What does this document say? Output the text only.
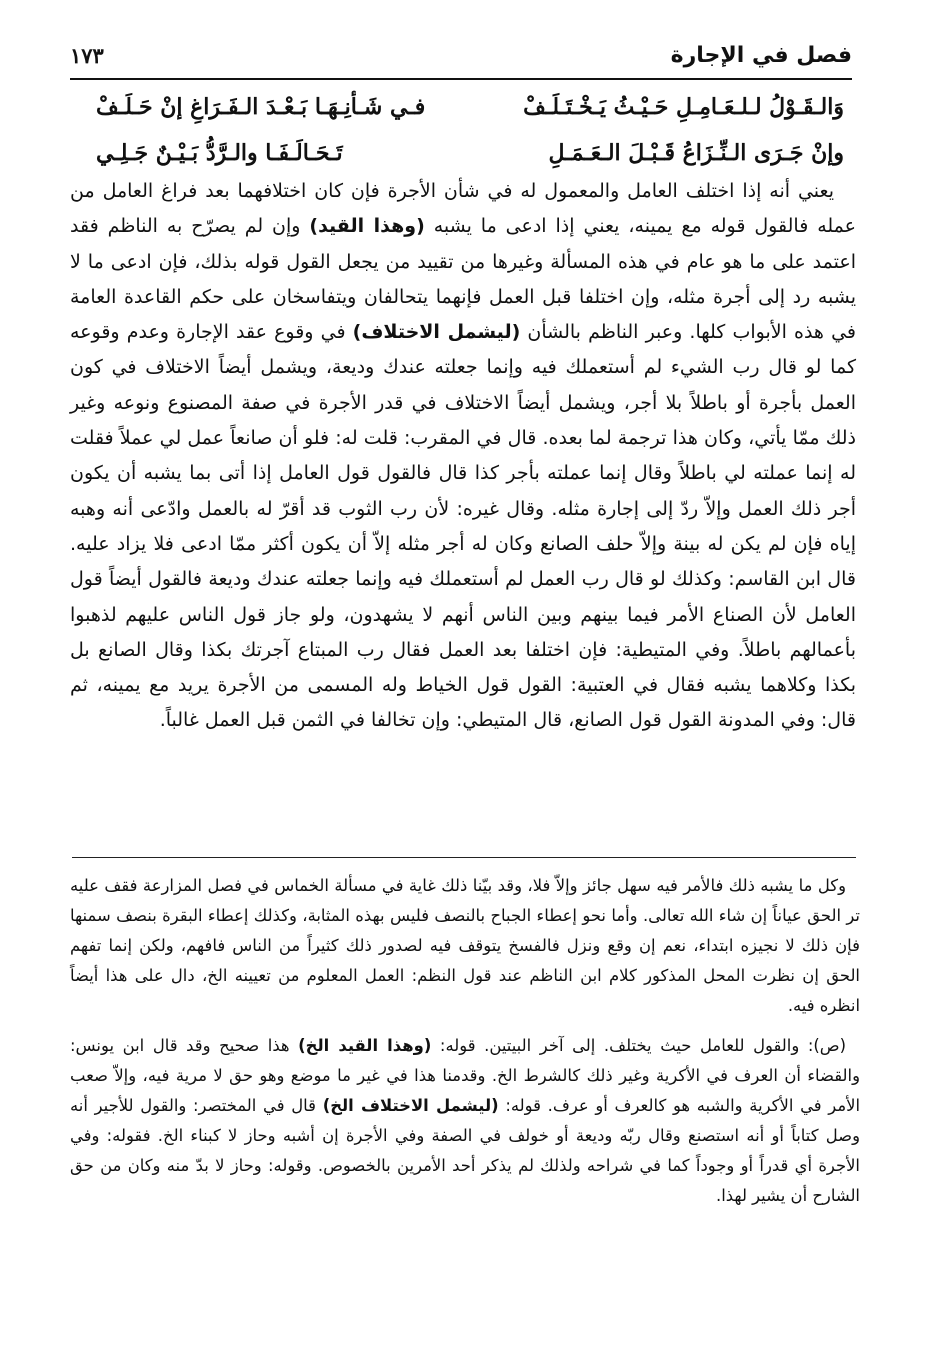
فصل في الإجارة
١٧٣
وَالـقَـوْلُ لـلـعَـامِـلِ حَـيْـثُ يَـخْـتَـلَـفْ
فـي شَـأنِـهَـا بَـعْـدَ الـفَـرَاغِ إنْ حَـلَـفْ
وإنْ جَـرَى الـنِّـزَاعُ قَـبْـلَ الـعَـمَـلِ
تَـحَـالَـفَـا والـرَّدُّ بَـيْـنٌ جَـلِـي

يعني أنه إذا اختلف العامل والمعمول له في شأن الأجرة فإن كان اختلافهما بعد فراغ العامل من عمله فالقول قوله مع يمينه، يعني إذا ادعى ما يشبه (وهذا القيد) وإن لم يصرّح به الناظم فقد اعتمد على ما هو عام في هذه المسألة وغيرها من تقييد من يجعل القول قوله بذلك، فإن ادعى ما لا يشبه رد إلى أجرة مثله، وإن اختلفا قبل العمل فإنهما يتحالفان ويتفاسخان على حكم القاعدة العامة في هذه الأبواب كلها. وعبر الناظم بالشأن (ليشمل الاختلاف) في وقوع عقد الإجارة وعدم وقوعه كما لو قال رب الشيء لم أستعملك فيه وإنما جعلته عندك وديعة، ويشمل أيضاً الاختلاف في كون العمل بأجرة أو باطلاً بلا أجر، ويشمل أيضاً الاختلاف في قدر الأجرة في صفة المصنوع ونوعه وغير ذلك ممّا يأتي، وكان هذا ترجمة لما بعده. قال في المقرب: قلت له: فلو أن صانعاً عمل لي عملاً فقلت له إنما عملته لي باطلاً وقال إنما عملته بأجر كذا قال فالقول قول العامل إذا أتى بما يشبه أن يكون أجر ذلك العمل وإلاّ ردّ إلى إجارة مثله. وقال غيره: لأن رب الثوب قد أقرّ له بالعمل وادّعى أنه وهبه إياه فإن لم يكن له بينة وإلاّ حلف الصانع وكان له أجر مثله إلاّ أن يكون أكثر ممّا ادعى فلا يزاد عليه. قال ابن القاسم: وكذلك لو قال رب العمل لم أستعملك فيه وإنما جعلته عندك وديعة فالقول أيضاً قول العامل لأن الصناع الأمر فيما بينهم وبين الناس أنهم لا يشهدون، ولو جاز قول الناس عليهم لذهبوا بأعمالهم باطلاً. وفي المتيطية: فإن اختلفا بعد العمل فقال رب المبتاع آجرتك بكذا وقال الصانع بل بكذا وكلاهما يشبه فقال في العتبية: القول قول الخياط وله المسمى من الأجرة يريد مع يمينه، ثم قال: وفي المدونة القول قول الصانع، قال المتيطي: وإن تخالفا في الثمن قبل العمل غالباً.

وكل ما يشبه ذلك فالأمر فيه سهل جائز وإلاّ فلا، وقد بيّنا ذلك غاية في مسألة الخماس في فصل المزارعة فقف عليه تر الحق عياناً إن شاء الله تعالى. وأما نحو إعطاء الجباح بالنصف فليس بهذه المثابة، وكذلك إعطاء البقرة بنصف سمنها فإن ذلك لا نجيزه ابتداء، نعم إن وقع ونزل فالفسخ يتوقف فيه لصدور ذلك كثيراً من الناس فافهم، ولكن إنما تفهم الحق إن نظرت المحل المذكور كلام ابن الناظم عند قول النظم: العمل المعلوم من تعيينه الخ، دال على هذا أيضاً انظره فيه.

(ص): والقول للعامل حيث يختلف. إلى آخر البيتين. قوله: (وهذا القيد الخ) هذا صحيح وقد قال ابن يونس: والقضاء أن العرف في الأكرية وغير ذلك كالشرط الخ. وقدمنا هذا في غير ما موضع وهو حق لا مرية فيه، وإلاّ صعب الأمر في الأكرية والشبه هو كالعرف أو عرف. قوله: (ليشمل الاختلاف الخ) قال في المختصر: والقول للأجير أنه وصل كتاباً أو أنه استصنع وقال ربّه وديعة أو خولف في الصفة وفي الأجرة إن أشبه وحاز لا كبناء الخ. فقوله: وفي الأجرة أي قدراً أو وجوداً كما في شراحه ولذلك لم يذكر أحد الأمرين بالخصوص. وقوله: وحاز لا بدّ منه وكان من حق الشارح أن يشير لهذا.
